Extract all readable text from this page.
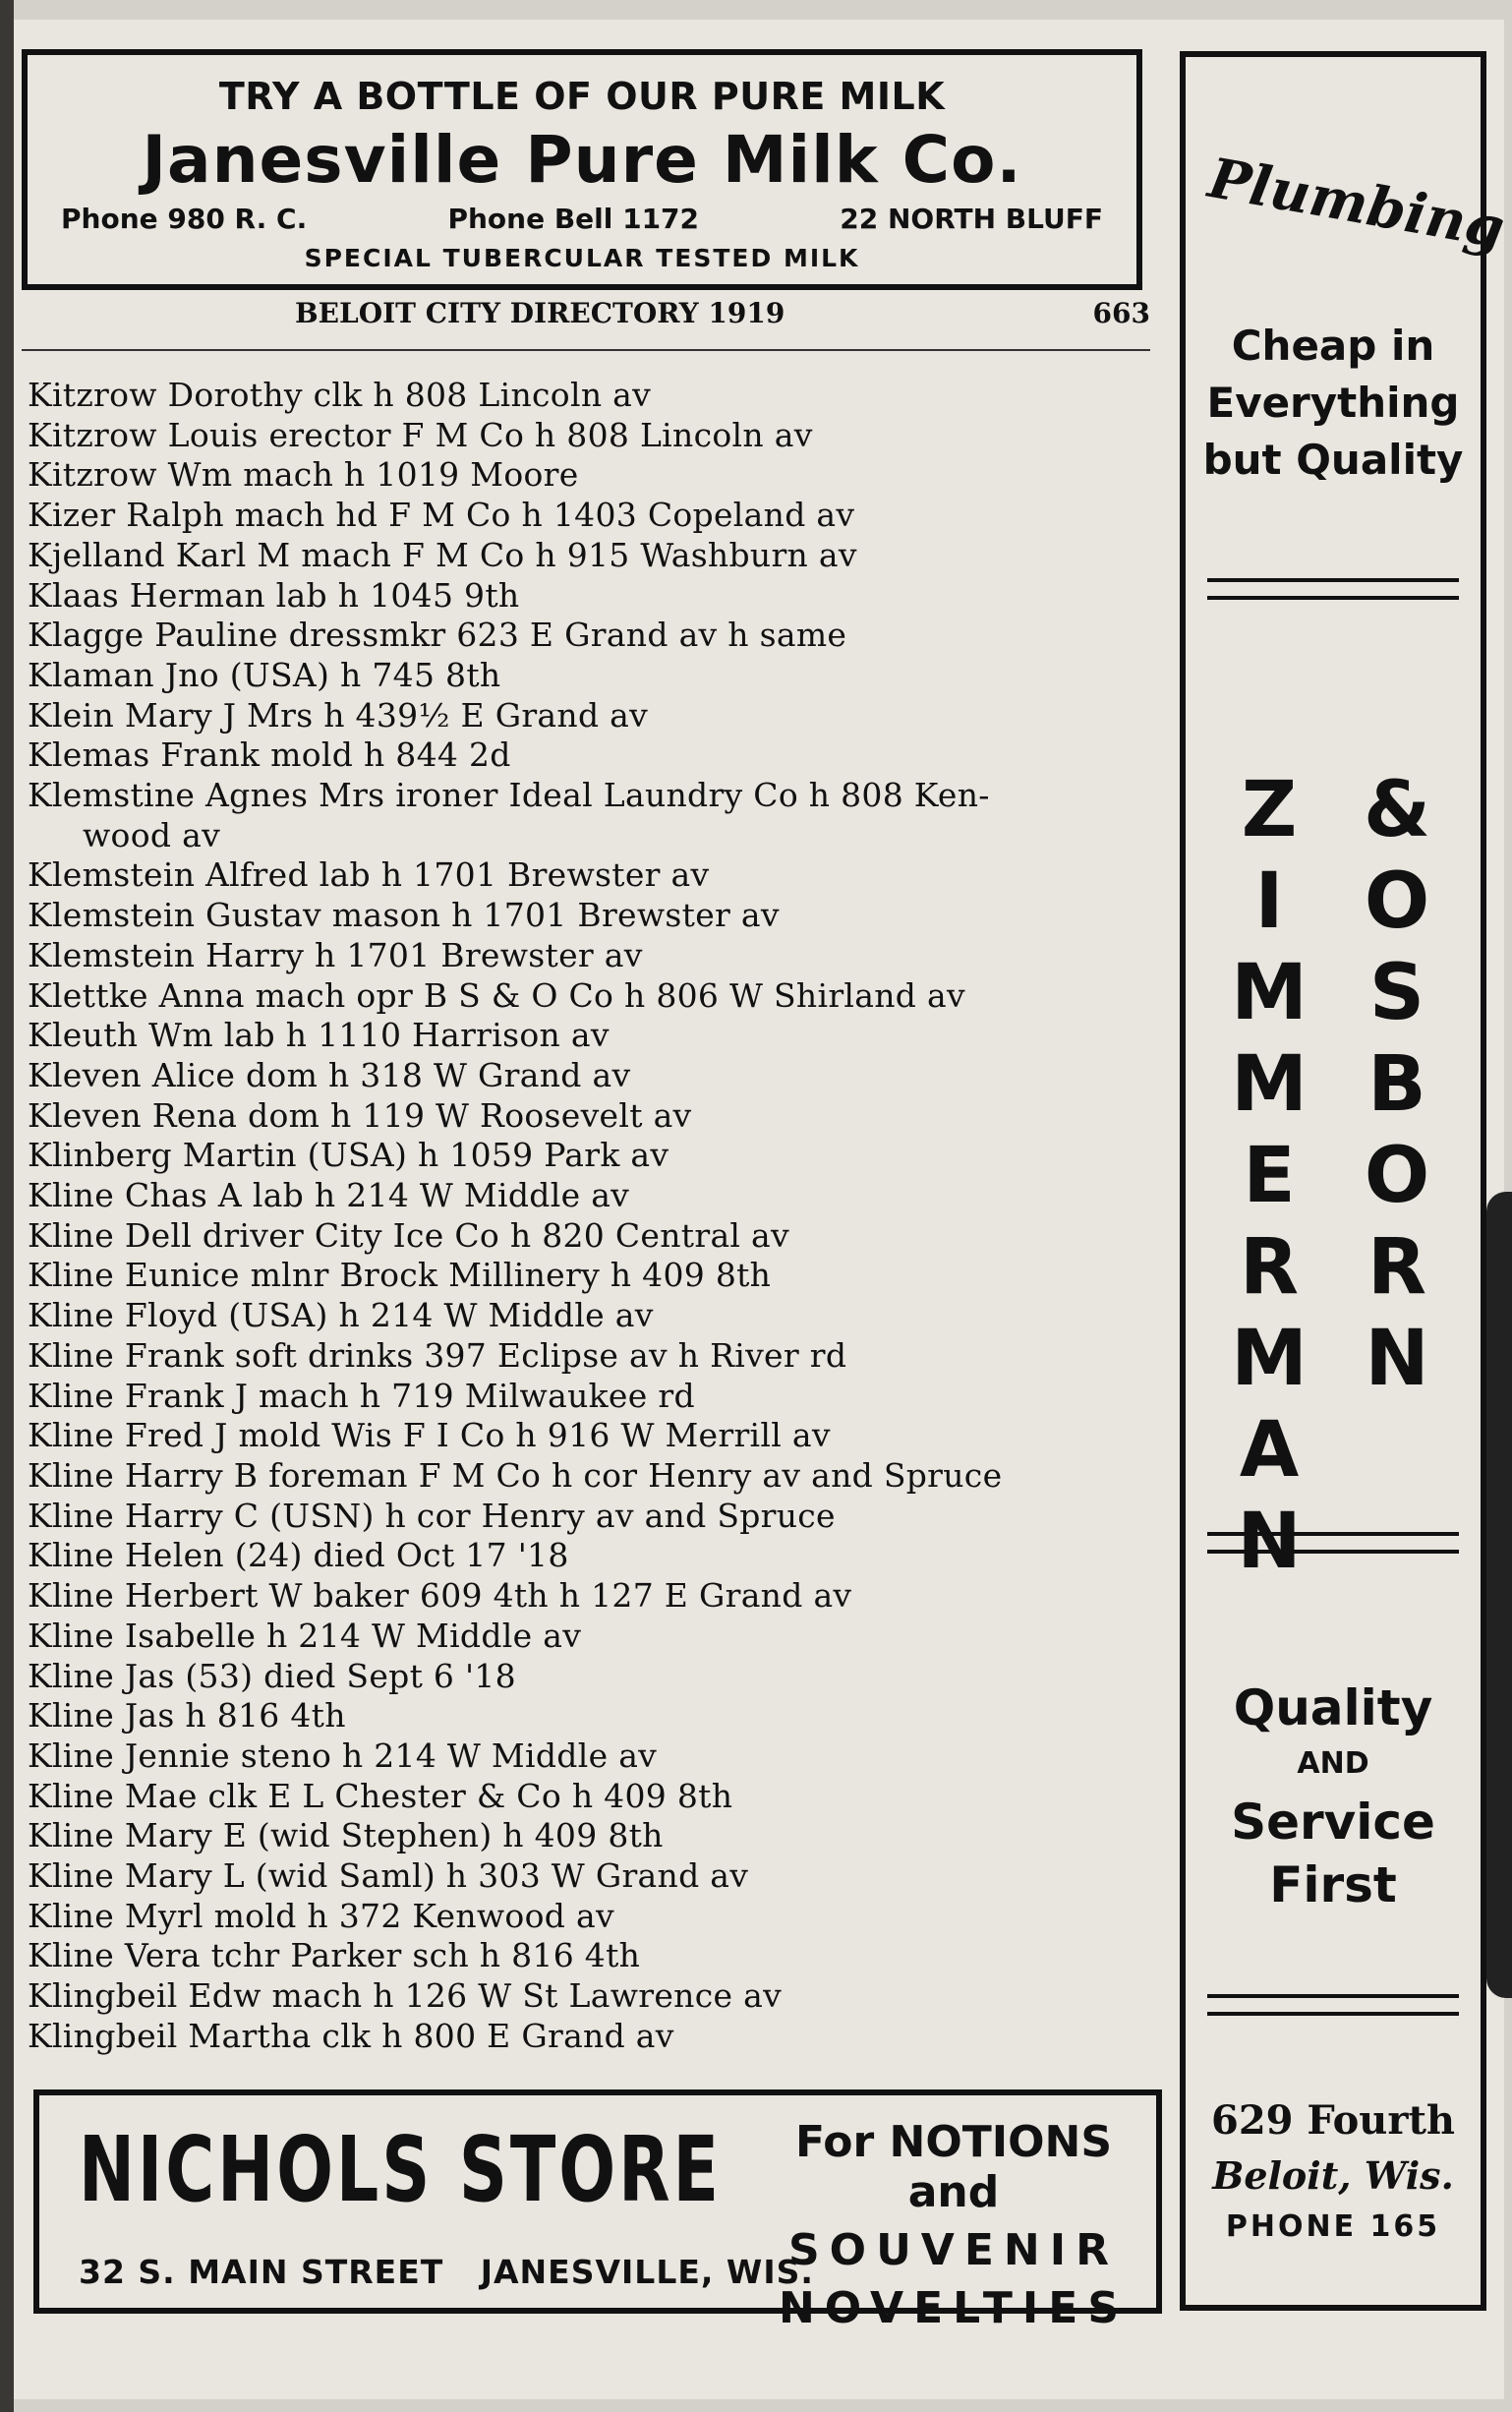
TRY A BOTTLE OF OUR PURE MILK
Janesville Pure Milk Co.
Phone 980 R. C.	Phone Bell 1172	22 NORTH BLUFF
SPECIAL TUBERCULAR TESTED MILK
BELOIT CITY DIRECTORY 1919	663
Kitzrow Dorothy clk h 808 Lincoln av
Kitzrow Louis erector F M Co h 808 Lincoln av
Kitzrow Wm mach h 1019 Moore
Kizer Ralph mach hd F M Co h 1403 Copeland av
Kjelland Karl M mach F M Co h 915 Washburn av
Klaas Herman lab h 1045 9th
Klagge Pauline dressmkr 623 E Grand av h same
Klaman Jno (USA) h 745 8th
Klein Mary J Mrs h 439½ E Grand av
Klemas Frank mold h 844 2d
Klemstine Agnes Mrs ironer Ideal Laundry Co h 808 Ken-
wood av
Klemstein Alfred lab h 1701 Brewster av
Klemstein Gustav mason h 1701 Brewster av
Klemstein Harry h 1701 Brewster av
Klettke Anna mach opr B S & O Co h 806 W Shirland av
Kleuth Wm lab h 1110 Harrison av
Kleven Alice dom h 318 W Grand av
Kleven Rena dom h 119 W Roosevelt av
Klinberg Martin (USA) h 1059 Park av
Kline Chas A lab h 214 W Middle av
Kline Dell driver City Ice Co h 820 Central av
Kline Eunice mlnr Brock Millinery h 409 8th
Kline Floyd (USA) h 214 W Middle av
Kline Frank soft drinks 397 Eclipse av h River rd
Kline Frank J mach h 719 Milwaukee rd
Kline Fred J mold Wis F I Co h 916 W Merrill av
Kline Harry B foreman F M Co h cor Henry av and Spruce
Kline Harry C (USN) h cor Henry av and Spruce
Kline Helen (24) died Oct 17 '18
Kline Herbert W baker 609 4th h 127 E Grand av
Kline Isabelle h 214 W Middle av
Kline Jas (53) died Sept 6 '18
Kline Jas h 816 4th
Kline Jennie steno h 214 W Middle av
Kline Mae clk E L Chester & Co h 409 8th
Kline Mary E (wid Stephen) h 409 8th
Kline Mary L (wid Saml) h 303 W Grand av
Kline Myrl mold h 372 Kenwood av
Kline Vera tchr Parker sch h 816 4th
Klingbeil Edw mach h 126 W St Lawrence av
Klingbeil Martha clk h 800 E Grand av
NICHOLS STORE
32 S. MAIN STREET JANESVILLE, WIS.
For NOTIONS and
SOUVENIR
NOVELTIES
Plumbing
Cheap in
Everything
but Quality
Z
I
M
M
E
R
M
A
N
&
O
S
B
O
R
N
Quality
AND
Service
First
629 Fourth
Beloit, Wis.
PHONE 165
